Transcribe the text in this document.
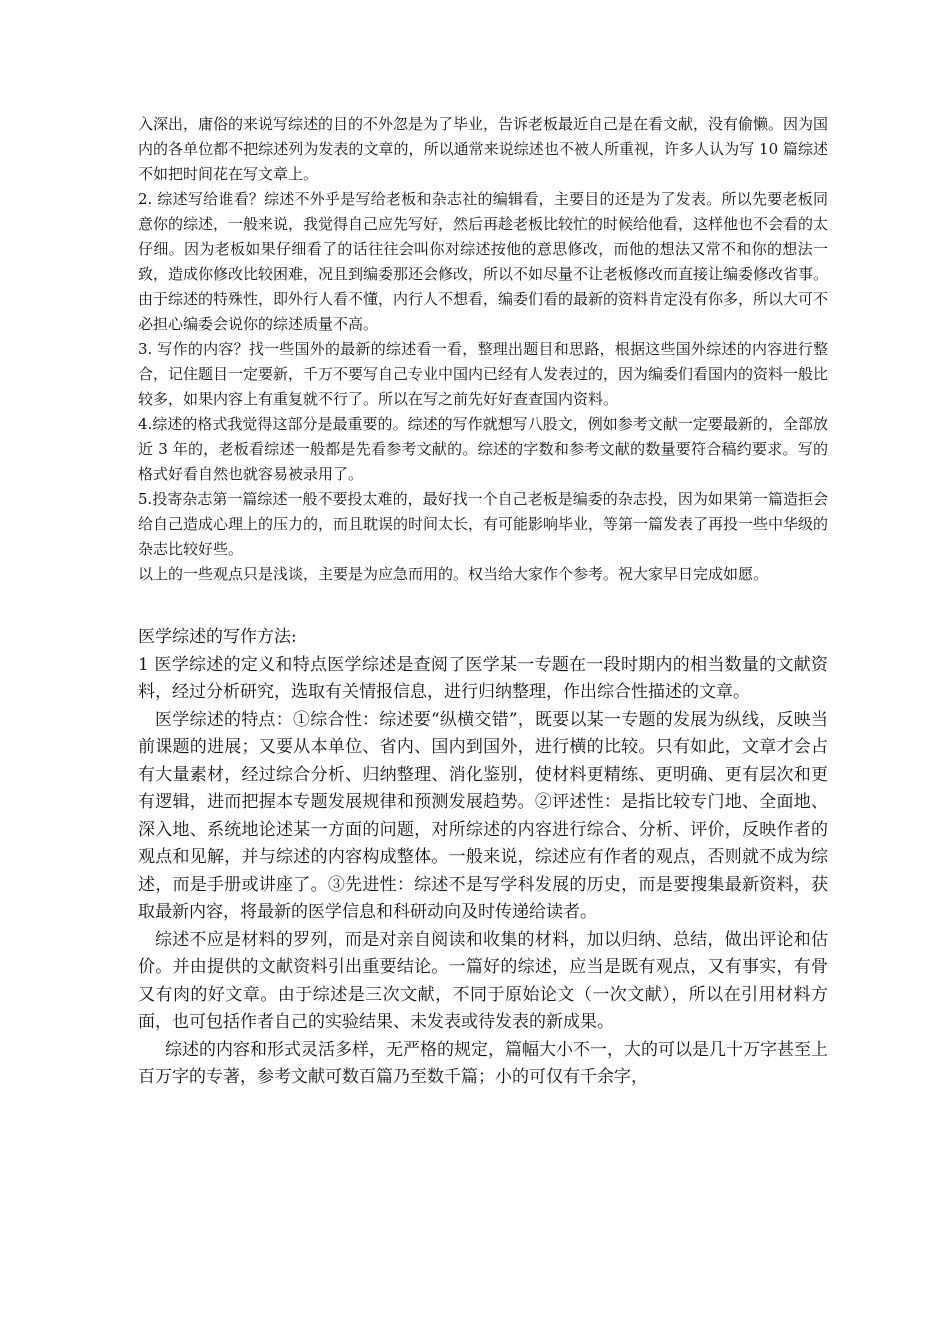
入深出，庸俗的来说写综述的目的不外忽是为了毕业，告诉老板最近自己是在看文献，没有偷懒。因为国内的各单位都不把综述列为发表的文章的，所以通常来说综述也不被人所重视，许多人认为写 10 篇综述不如把时间花在写文章上。

2. 综述写给谁看？综述不外乎是写给老板和杂志社的编辑看，主要目的还是为了发表。所以先要老板同意你的综述，一般来说，我觉得自己应先写好，然后再趁老板比较忙的时候给他看，这样他也不会看的太仔细。因为老板如果仔细看了的话往往会叫你对综述按他的意思修改，而他的想法又常不和你的想法一致，造成你修改比较困难，况且到编委那还会修改，所以不如尽量不让老板修改而直接让编委修改省事。由于综述的特殊性，即外行人看不懂，内行人不想看，编委们看的最新的资料肯定没有你多，所以大可不必担心编委会说你的综述质量不高。

3. 写作的内容？找一些国外的最新的综述看一看，整理出题目和思路，根据这些国外综述的内容进行整合，记住题目一定要新，千万不要写自己专业中国内已经有人发表过的，因为编委们看国内的资料一般比较多，如果内容上有重复就不行了。所以在写之前先好好查查国内资料。

4.综述的格式我觉得这部分是最重要的。综述的写作就想写八股文，例如参考文献一定要最新的，全部放近 3 年的，老板看综述一般都是先看参考文献的。综述的字数和参考文献的数量要符合稿约要求。写的格式好看自然也就容易被录用了。

5.投寄杂志第一篇综述一般不要投太难的，最好找一个自己老板是编委的杂志投，因为如果第一篇造拒会给自己造成心理上的压力的，而且耽误的时间太长，有可能影响毕业，等第一篇发表了再投一些中华级的杂志比较好些。

以上的一些观点只是浅谈，主要是为应急而用的。权当给大家作个参考。祝大家早日完成如愿。

医学综述的写作方法:

1 医学综述的定义和特点医学综述是查阅了医学某一专题在一段时期内的相当数量的文献资料，经过分析研究，选取有关情报信息，进行归纳整理，作出综合性描述的文章。

医学综述的特点：①综合性：综述要“纵横交错”，既要以某一专题的发展为纵线，反映当前课题的进展；又要从本单位、省内、国内到国外，进行横的比较。只有如此，文章才会占有大量素材，经过综合分析、归纳整理、消化鉴别，使材料更精练、更明确、更有层次和更有逻辑，进而把握本专题发展规律和预测发展趋势。②评述性：是指比较专门地、全面地、深入地、系统地论述某一方面的问题，对所综述的内容进行综合、分析、评价，反映作者的观点和见解，并与综述的内容构成整体。一般来说，综述应有作者的观点，否则就不成为综述，而是手册或讲座了。③先进性：综述不是写学科发展的历史，而是要搜集最新资料，获取最新内容，将最新的医学信息和科研动向及时传递给读者。

综述不应是材料的罗列，而是对亲自阅读和收集的材料，加以归纳、总结，做出评论和估价。并由提供的文献资料引出重要结论。一篇好的综述，应当是既有观点，又有事实，有骨又有肉的好文章。由于综述是三次文献，不同于原始论文（一次文献），所以在引用材料方面，也可包括作者自己的实验结果、未发表或待发表的新成果。

综述的内容和形式灵活多样，无严格的规定，篇幅大小不一，大的可以是几十万字甚至上百万字的专著，参考文献可数百篇乃至数千篇；小的可仅有千余字，
